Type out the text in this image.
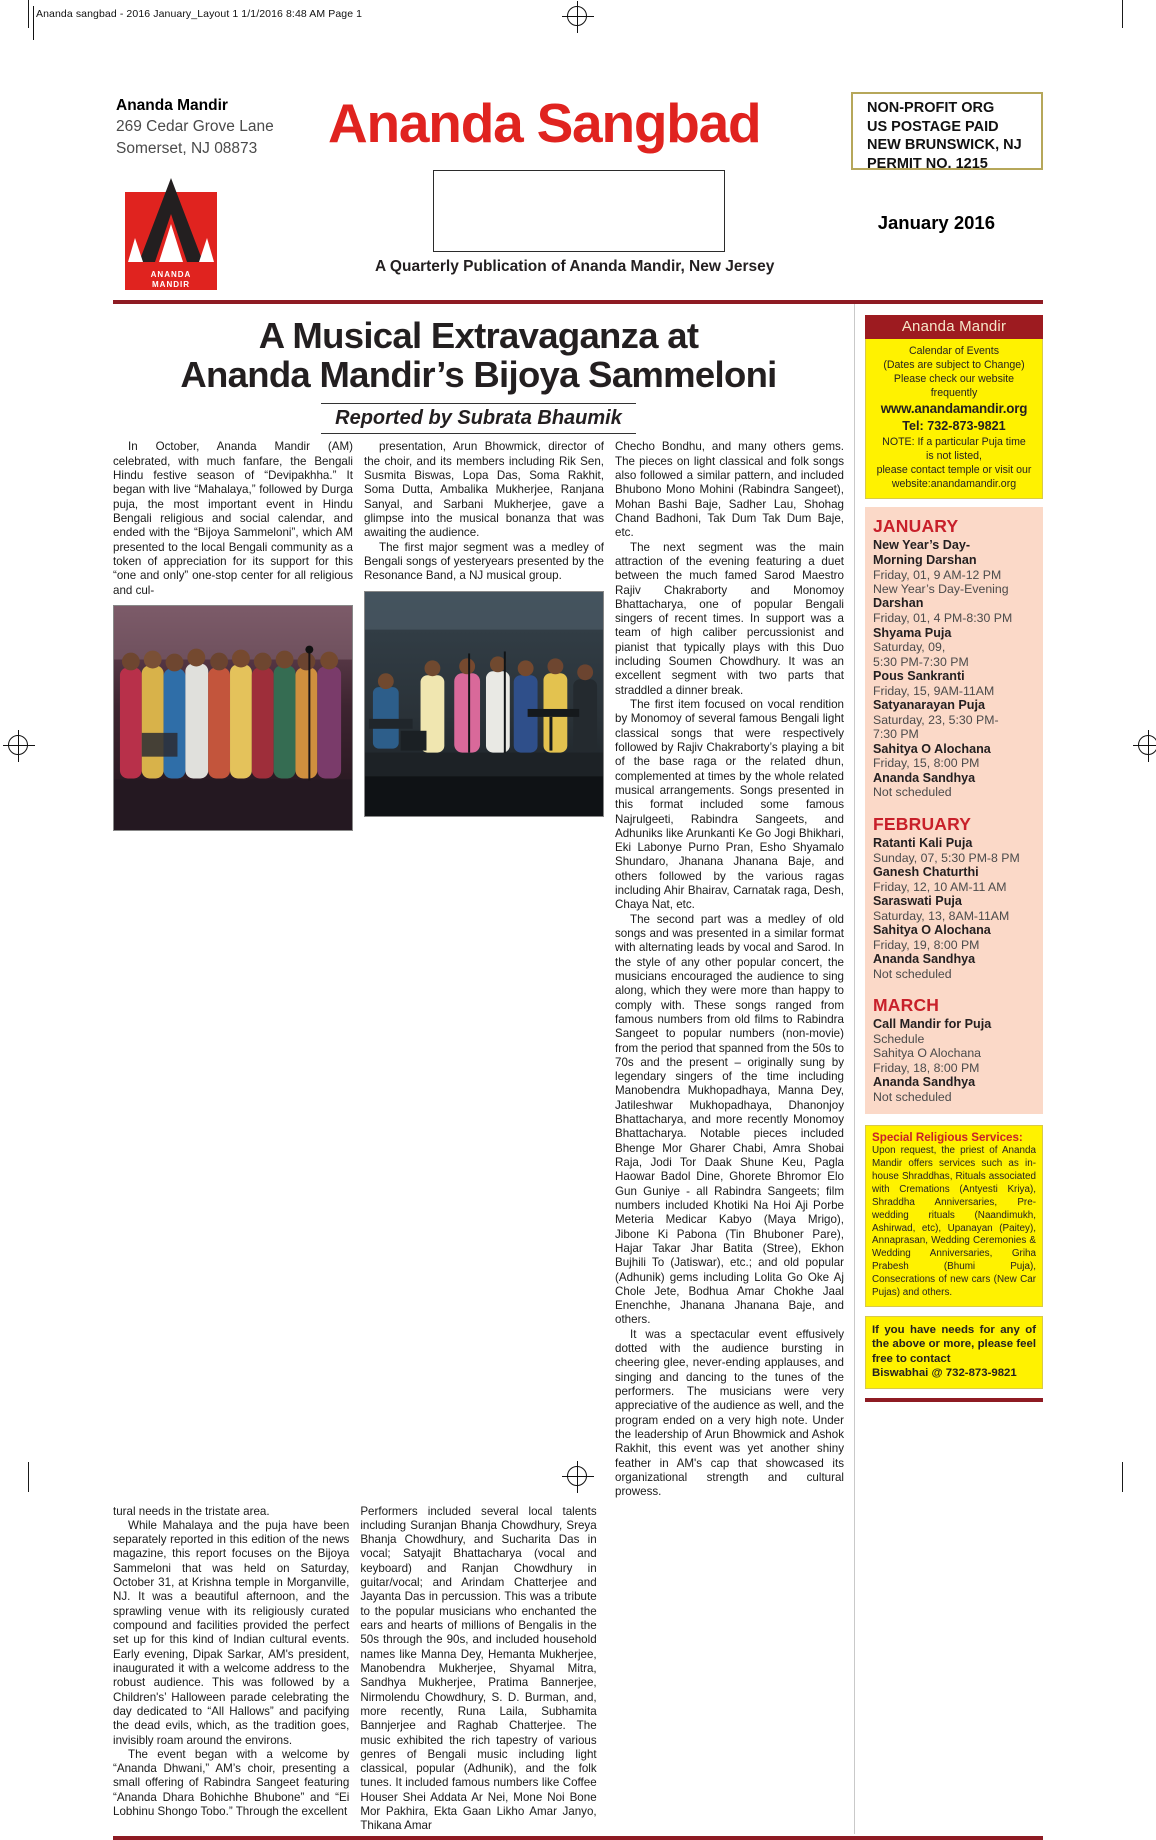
Ananda sangbad - 2016 January_Layout 1 1/1/2016 8:48 AM Page 1
Ananda Mandir
269 Cedar Grove Lane
Somerset, NJ 08873 Ananda Sangbad	NON-PROFIT ORG
US POSTAGE PAID
NEW BRUNSWICK, NJ
PERMIT NO. 1215
January 2016
A Quarterly Publication of Ananda Mandir, New Jersey
ANANDA
MANDIR
A Musical Extravaganza at
Ananda Mandir’s Bijoya Sammeloni
Reported by Subrata Bhaumik

In October, Ananda Mandir (AM) celebrated, with much fanfare, the Bengali Hindu festive season of “Devipakhha.” It began with live “Mahalaya,” followed by Durga puja, the most important event in Hindu Bengali religious and social calendar, and ended with the “Bijoya Sammeloni”, which AM presented to the local Bengali community as a token of appreciation for its support for this “one and only” one-stop center for all religious and cul-

presentation, Arun Bhowmick, director of the choir, and its members including Rik Sen, Susmita Biswas, Lopa Das, Soma Rakhit, Soma Dutta, Ambalika Mukherjee, Ranjana Sanyal, and Sarbani Mukherjee, gave a glimpse into the musical bonanza that was awaiting the audience.

The first major segment was a medley of Bengali songs of yesteryears presented by the Resonance Band, a NJ musical group.

Checho Bondhu, and many others gems. The pieces on light classical and folk songs also followed a similar pattern, and included Bhubono Mono Mohini (Rabindra Sangeet), Mohan Bashi Baje, Sadher Lau, Shohag Chand Badhoni, Tak Dum Tak Dum Baje, etc.

The next segment was the main attraction of the evening featuring a duet between the much famed Sarod Maestro Rajiv Chakraborty and Monomoy Bhattacharya, one of popular Bengali singers of recent times. In support was a team of high caliber percussionist and pianist that typically plays with this Duo including Soumen Chowdhury. It was an excellent segment with two parts that straddled a dinner break.

The first item focused on vocal rendition by Monomoy of several famous Bengali light classical songs that were respectively followed by Rajiv Chakraborty’s playing a bit of the base raga or the related dhun, complemented at times by the whole related musical arrangements. Songs presented in this format included some famous Najrulgeeti, Rabindra Sangeets, and Adhuniks like Arunkanti Ke Go Jogi Bhikhari, Eki Labonye Purno Pran, Esho Shyamalo Shundaro, Jhanana Jhanana Baje, and others followed by the various ragas including Ahir Bhairav, Carnatak raga, Desh, Chaya Nat, etc.

The second part was a medley of old songs and was presented in a similar format with alternating leads by vocal and Sarod. In the style of any other popular concert, the musicians encouraged the audience to sing along, which they were more than happy to comply with. These songs ranged from famous numbers from old films to Rabindra Sangeet to popular numbers (non-movie) from the period that spanned from the 50s to 70s and the present – originally sung by legendary singers of the time including Manobendra Mukhopadhaya, Manna Dey, Jatileshwar Mukhopadhaya, Dhanonjoy Bhattacharya, and more recently Monomoy Bhattacharya. Notable pieces included Bhenge Mor Gharer Chabi, Amra Shobai Raja, Jodi Tor Daak Shune Keu, Pagla Haowar Badol Dine, Ghorete Bhromor Elo Gun Guniye - all Rabindra Sangeets; film numbers included Khotiki Na Hoi Aji Porbe Meteria Medicar Kabyo (Maya Mrigo), Jibone Ki Pabona (Tin Bhuboner Pare), Hajar Takar Jhar Batita (Stree), Ekhon Bujhili To (Jatiswar), etc.; and old popular (Adhunik) gems including Lolita Go Oke Aj Chole Jete, Bodhua Amar Chokhe Jaal Enenchhe, Jhanana Jhanana Baje, and others.

It was a spectacular event effusively dotted with the audience bursting in cheering glee, never-ending applauses, and singing and dancing to the tunes of the performers. The musicians were very appreciative of the audience as well, and the program ended on a very high note. Under the leadership of Arun Bhowmick and Ashok Rakhit, this event was yet another shiny feather in AM's cap that showcased its organizational strength and cultural prowess.

tural needs in the tristate area.

While Mahalaya and the puja have been separately reported in this edition of the news magazine, this report focuses on the Bijoya Sammeloni that was held on Saturday, October 31, at Krishna temple in Morganville, NJ. It was a beautiful afternoon, and the sprawling venue with its religiously curated compound and facilities provided the perfect set up for this kind of Indian cultural events. Early evening, Dipak Sarkar, AM's president, inaugurated it with a welcome address to the robust audience. This was followed by a Children's’ Halloween parade celebrating the day dedicated to “All Hallows” and pacifying the dead evils, which, as the tradition goes, invisibly roam around the environs.

The event began with a welcome by “Ananda Dhwani,” AM’s choir, presenting a small offering of Rabindra Sangeet featuring “Ananda Dhara Bohichhe Bhubone” and “Ei Lobhinu Shongo Tobo.” Through the excellent

Performers included several local talents including Suranjan Bhanja Chowdhury, Sreya Bhanja Chowdhury, and Sucharita Das in vocal; Satyajit Bhattacharya (vocal and keyboard) and Ranjan Chowdhury in guitar/vocal; and Arindam Chatterjee and Jayanta Das in percussion. This was a tribute to the popular musicians who enchanted the ears and hearts of millions of Bengalis in the 50s through the 90s, and included household names like Manna Dey, Hemanta Mukherjee, Manobendra Mukherjee, Shyamal Mitra, Sandhya Mukherjee, Pratima Bannerjee, Nirmolendu Chowdhury, S. D. Burman, and, more recently, Runa Laila, Subhamita Bannjerjee and Raghab Chatterjee. The music exhibited the rich tapestry of various genres of Bengali music including light classical, popular (Adhunik), and the folk tunes. It included famous numbers like Coffee Houser Shei Addata Ar Nei, Mone Noi Bone Mor Pakhira, Ekta Gaan Likho Amar Janyo, Thikana Amar

Ananda Mandir
Calendar of Events
(Dates are subject to Change)
Please check our website frequently
www.anandamandir.org
Tel: 732-873-9821
NOTE: If a particular Puja time
is not listed,
please contact temple or visit our
website:anandamandir.org
JANUARY
New Year’s Day-
Morning Darshan
Friday, 01, 9 AM-12 PM
New Year’s Day-Evening
Darshan
Friday, 01, 4 PM-8:30 PM
Shyama Puja
Saturday, 09,
5:30 PM-7:30 PM
Pous Sankranti
Friday, 15, 9AM-11AM
Satyanarayan Puja
Saturday, 23, 5:30 PM-
7:30 PM
Sahitya O Alochana
Friday, 15, 8:00 PM
Ananda Sandhya
Not scheduled
FEBRUARY
Ratanti Kali Puja
Sunday, 07, 5:30 PM-8 PM
Ganesh Chaturthi
Friday, 12, 10 AM-11 AM
Saraswati Puja
Saturday, 13, 8AM-11AM
Sahitya O Alochana
Friday, 19, 8:00 PM
Ananda Sandhya
Not scheduled
MARCH
Call Mandir for Puja
Schedule
Sahitya O Alochana
Friday, 18, 8:00 PM
Ananda Sandhya
Not scheduled
Special Religious Services:
Upon request, the priest of Ananda Mandir offers services such as in-house Shraddhas, Rituals associated with Cremations (Antyesti Kriya), Shraddha Anniversaries, Pre-wedding rituals (Naandimukh, Ashirwad, etc), Upanayan (Paitey), Annaprasan, Wedding Ceremonies & Wedding Anniversaries, Griha Prabesh (Bhumi Puja), Consecrations of new cars (New Car Pujas) and others.
If you have needs for any of the above or more, please feel free to contact
Biswabhai @ 732-873-9821
